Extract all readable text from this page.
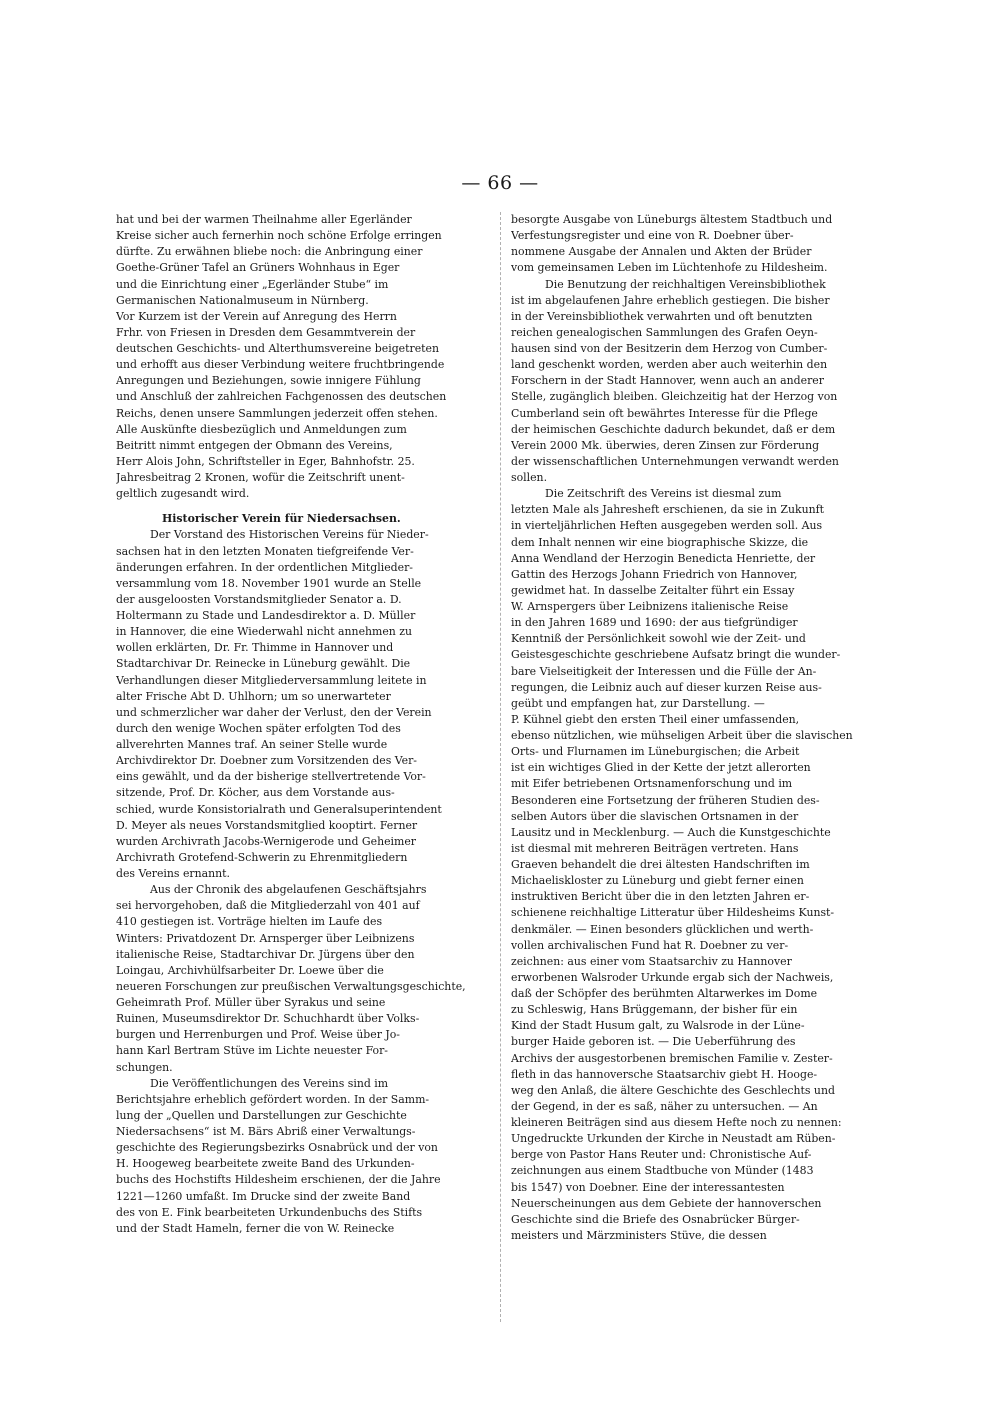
— 66 —
hat und bei der warmen Theilnahme aller Egerländer
Kreise sicher auch fernerhin noch schöne Erfolge erringen
dürfte. Zu erwähnen bliebe noch: die Anbringung einer
Goethe-Grüner Tafel an Grüners Wohnhaus in Eger
und die Einrichtung einer „Egerländer Stube“ im
Germanischen Nationalmuseum in Nürnberg.
Vor Kurzem ist der Verein auf Anregung des Herrn
Frhr. von Friesen in Dresden dem Gesammtverein der
deutschen Geschichts- und Alterthumsvereine beigetreten
und erhofft aus dieser Verbindung weitere fruchtbringende
Anregungen und Beziehungen, sowie innigere Fühlung
und Anschluß der zahlreichen Fachgenossen des deutschen
Reichs, denen unsere Sammlungen jederzeit offen stehen.
Alle Auskünfte diesbezüglich und Anmeldungen zum
Beitritt nimmt entgegen der Obmann des Vereins,
Herr Alois John, Schriftsteller in Eger, Bahnhofstr. 25.
Jahresbeitrag 2 Kronen, wofür die Zeitschrift unent-
geltlich zugesandt wird.
Historischer Verein für Niedersachsen.
Der Vorstand des Historischen Vereins für Nieder-
sachsen hat in den letzten Monaten tiefgreifende Ver-
änderungen erfahren. In der ordentlichen Mitglieder-
versammlung vom 18. November 1901 wurde an Stelle
der ausgeloosten Vorstandsmitglieder Senator a. D.
Holtermann zu Stade und Landesdirektor a. D. Müller
in Hannover, die eine Wiederwahl nicht annehmen zu
wollen erklärten, Dr. Fr. Thimme in Hannover und
Stadtarchivar Dr. Reinecke in Lüneburg gewählt. Die
Verhandlungen dieser Mitgliederversammlung leitete in
alter Frische Abt D. Uhlhorn; um so unerwarteter
und schmerzlicher war daher der Verlust, den der Verein
durch den wenige Wochen später erfolgten Tod des
allverehrten Mannes traf. An seiner Stelle wurde
Archivdirektor Dr. Doebner zum Vorsitzenden des Ver-
eins gewählt, und da der bisherige stellvertretende Vor-
sitzende, Prof. Dr. Köcher, aus dem Vorstande aus-
schied, wurde Konsistorialrath und Generalsuperintendent
D. Meyer als neues Vorstandsmitglied kooptirt. Ferner
wurden Archivrath Jacobs-Wernigerode und Geheimer
Archivrath Grotefend-Schwerin zu Ehrenmitgliedern
des Vereins ernannt.
Aus der Chronik des abgelaufenen Geschäftsjahrs
sei hervorgehoben, daß die Mitgliederzahl von 401 auf
410 gestiegen ist. Vorträge hielten im Laufe des
Winters: Privatdozent Dr. Arnsperger über Leibnizens
italienische Reise, Stadtarchivar Dr. Jürgens über den
Loingau, Archivhülfsarbeiter Dr. Loewe über die
neueren Forschungen zur preußischen Verwaltungsgeschichte,
Geheimrath Prof. Müller über Syrakus und seine
Ruinen, Museumsdirektor Dr. Schuchhardt über Volks-
burgen und Herrenburgen und Prof. Weise über Jo-
hann Karl Bertram Stüve im Lichte neuester For-
schungen.
Die Veröffentlichungen des Vereins sind im
Berichtsjahre erheblich gefördert worden. In der Samm-
lung der „Quellen und Darstellungen zur Geschichte
Niedersachsens“ ist M. Bärs Abriß einer Verwaltungs-
geschichte des Regierungsbezirks Osnabrück und der von
H. Hoogeweg bearbeitete zweite Band des Urkunden-
buchs des Hochstifts Hildesheim erschienen, der die Jahre
1221—1260 umfaßt. Im Drucke sind der zweite Band
des von E. Fink bearbeiteten Urkundenbuchs des Stifts
und der Stadt Hameln, ferner die von W. Reinecke
besorgte Ausgabe von Lüneburgs ältestem Stadtbuch und
Verfestungsregister und eine von R. Doebner über-
nommene Ausgabe der Annalen und Akten der Brüder
vom gemeinsamen Leben im Lüchtenhofe zu Hildesheim.
Die Benutzung der reichhaltigen Vereinsbibliothek
ist im abgelaufenen Jahre erheblich gestiegen. Die bisher
in der Vereinsbibliothek verwahrten und oft benutzten
reichen genealogischen Sammlungen des Grafen Oeyn-
hausen sind von der Besitzerin dem Herzog von Cumber-
land geschenkt worden, werden aber auch weiterhin den
Forschern in der Stadt Hannover, wenn auch an anderer
Stelle, zugänglich bleiben. Gleichzeitig hat der Herzog von
Cumberland sein oft bewährtes Interesse für die Pflege
der heimischen Geschichte dadurch bekundet, daß er dem
Verein 2000 Mk. überwies, deren Zinsen zur Förderung
der wissenschaftlichen Unternehmungen verwandt werden
sollen.
Die Zeitschrift des Vereins ist diesmal zum
letzten Male als Jahresheft erschienen, da sie in Zukunft
in vierteljährlichen Heften ausgegeben werden soll. Aus
dem Inhalt nennen wir eine biographische Skizze, die
Anna Wendland der Herzogin Benedicta Henriette, der
Gattin des Herzogs Johann Friedrich von Hannover,
gewidmet hat. In dasselbe Zeitalter führt ein Essay
W. Arnspergers über Leibnizens italienische Reise
in den Jahren 1689 und 1690: der aus tiefgründiger
Kenntniß der Persönlichkeit sowohl wie der Zeit- und
Geistesgeschichte geschriebene Aufsatz bringt die wunder-
bare Vielseitigkeit der Interessen und die Fülle der An-
regungen, die Leibniz auch auf dieser kurzen Reise aus-
geübt und empfangen hat, zur Darstellung. —
P. Kühnel giebt den ersten Theil einer umfassenden,
ebenso nützlichen, wie mühseligen Arbeit über die slavischen
Orts- und Flurnamen im Lüneburgischen; die Arbeit
ist ein wichtiges Glied in der Kette der jetzt allerorten
mit Eifer betriebenen Ortsnamenforschung und im
Besonderen eine Fortsetzung der früheren Studien des-
selben Autors über die slavischen Ortsnamen in der
Lausitz und in Mecklenburg. — Auch die Kunstgeschichte
ist diesmal mit mehreren Beiträgen vertreten. Hans
Graeven behandelt die drei ältesten Handschriften im
Michaeliskloster zu Lüneburg und giebt ferner einen
instruktiven Bericht über die in den letzten Jahren er-
schienene reichhaltige Litteratur über Hildesheims Kunst-
denkmäler. — Einen besonders glücklichen und werth-
vollen archivalischen Fund hat R. Doebner zu ver-
zeichnen: aus einer vom Staatsarchiv zu Hannover
erworbenen Walsroder Urkunde ergab sich der Nachweis,
daß der Schöpfer des berühmten Altarwerkes im Dome
zu Schleswig, Hans Brüggemann, der bisher für ein
Kind der Stadt Husum galt, zu Walsrode in der Lüne-
burger Haide geboren ist. — Die Ueberführung des
Archivs der ausgestorbenen bremischen Familie v. Zester-
fleth in das hannoversche Staatsarchiv giebt H. Hooge-
weg den Anlaß, die ältere Geschichte des Geschlechts und
der Gegend, in der es saß, näher zu untersuchen. — An
kleineren Beiträgen sind aus diesem Hefte noch zu nennen:
Ungedruckte Urkunden der Kirche in Neustadt am Rüben-
berge von Pastor Hans Reuter und: Chronistische Auf-
zeichnungen aus einem Stadtbuche von Münder (1483
bis 1547) von Doebner. Eine der interessantesten
Neuerscheinungen aus dem Gebiete der hannoverschen
Geschichte sind die Briefe des Osnabrücker Bürger-
meisters und Märzministers Stüve, die dessen
